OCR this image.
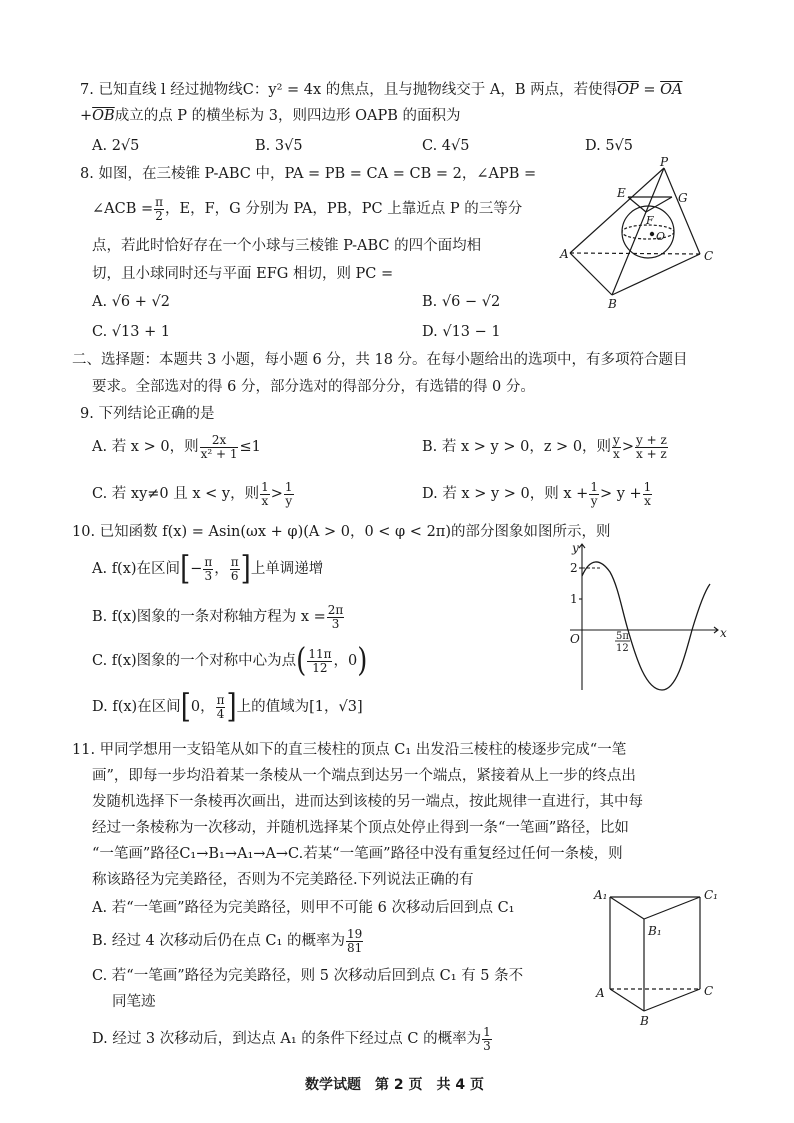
7. 已知直线 l 经过抛物线C：y² = 4x 的焦点，且与抛物线交于 A，B 两点，若使得$\overline{OP} = \overline{OA}$
$+\overline{OB}$成立的点 P 的横坐标为 3，则四边形 OAPB 的面积为
A. 2√5	B. 3√5	C. 4√5	D. 5√5
8. 如图，在三棱锥 P-ABC 中，PA = PB = CA = CB = 2，∠APB =
∠ACB = $\frac{\pi}{2}$ ，E，F，G 分别为 PA，PB，PC 上靠近点 P 的三等分
点，若此时恰好存在一个小球与三棱锥 P-ABC 的四个面均相
切，且小球同时还与平面 EFG 相切，则 PC =
A. √6 + √2	B. √6 − √2
C. √13 + 1	D. √13 − 1
P
E	G
F
O
A	C
B
二、选择题：本题共 3 小题，每小题 6 分，共 18 分。在每小题给出的选项中，有多项符合题目
要求。全部选对的得 6 分，部分选对的得部分分，有选错的得 0 分。
9. 下列结论正确的是
A. 若 x > 0，则 $\frac{2x}{\text{x² + 1}} \le 1$	B. 若 x > y > 0，z > 0，则 $\frac{y}{x} > \frac{y + z}{x + z}$
C. 若 xy≠0 且 x < y，则 $\frac{1}{x} > \frac{1}{y}$	D. 若 x > y > 0，则 $x + \frac{1}{y} > y + \frac{1}{x}$
10. 已知函数 f(x) = Asin(ωx + φ)(A > 0，0 < φ < 2π)的部分图象如图所示，则
A. f(x)在区间[− $\frac{\pi}{3}$ ， $\frac{\pi}{6}$ ]上单调递增
B. f(x)图象的一条对称轴方程为 $x = \frac{2\pi}{3}$
C. f(x)图象的一个对称中心为点( $\frac{11\pi}{12}$ ，0)
D. f(x)在区间[0， $\frac{\pi}{4}$ ]上的值域为[1，√3]
y
x
O
2
1
5π
12
11. 甲同学想用一支铅笔从如下的直三棱柱的顶点 C₁ 出发沿三棱柱的棱逐步完成“一笔
画”，即每一步均沿着某一条棱从一个端点到达另一个端点，紧接着从上一步的终点出
发随机选择下一条棱再次画出，进而达到该棱的另一端点，按此规律一直进行，其中每
经过一条棱称为一次移动，并随机选择某个顶点处停止得到一条“一笔画”路径，比如
“一笔画”路径C₁→B₁→A₁→A→C.若某“一笔画”路径中没有重复经过任何一条棱，则
称该路径为完美路径，否则为不完美路径.下列说法正确的有
A. 若“一笔画”路径为完美路径，则甲不可能 6 次移动后回到点 C₁
B. 经过 4 次移动后仍在点 C₁ 的概率为 $\frac{19}{81}$
C. 若“一笔画”路径为完美路径，则 5 次移动后回到点 C₁ 有 5 条不
同笔迹
D. 经过 3 次移动后，到达点 A₁ 的条件下经过点 C 的概率为 $\frac{1}{3}$
A₁	C₁
B₁
A	C
B
数学试题　第 2 页　共 4 页
